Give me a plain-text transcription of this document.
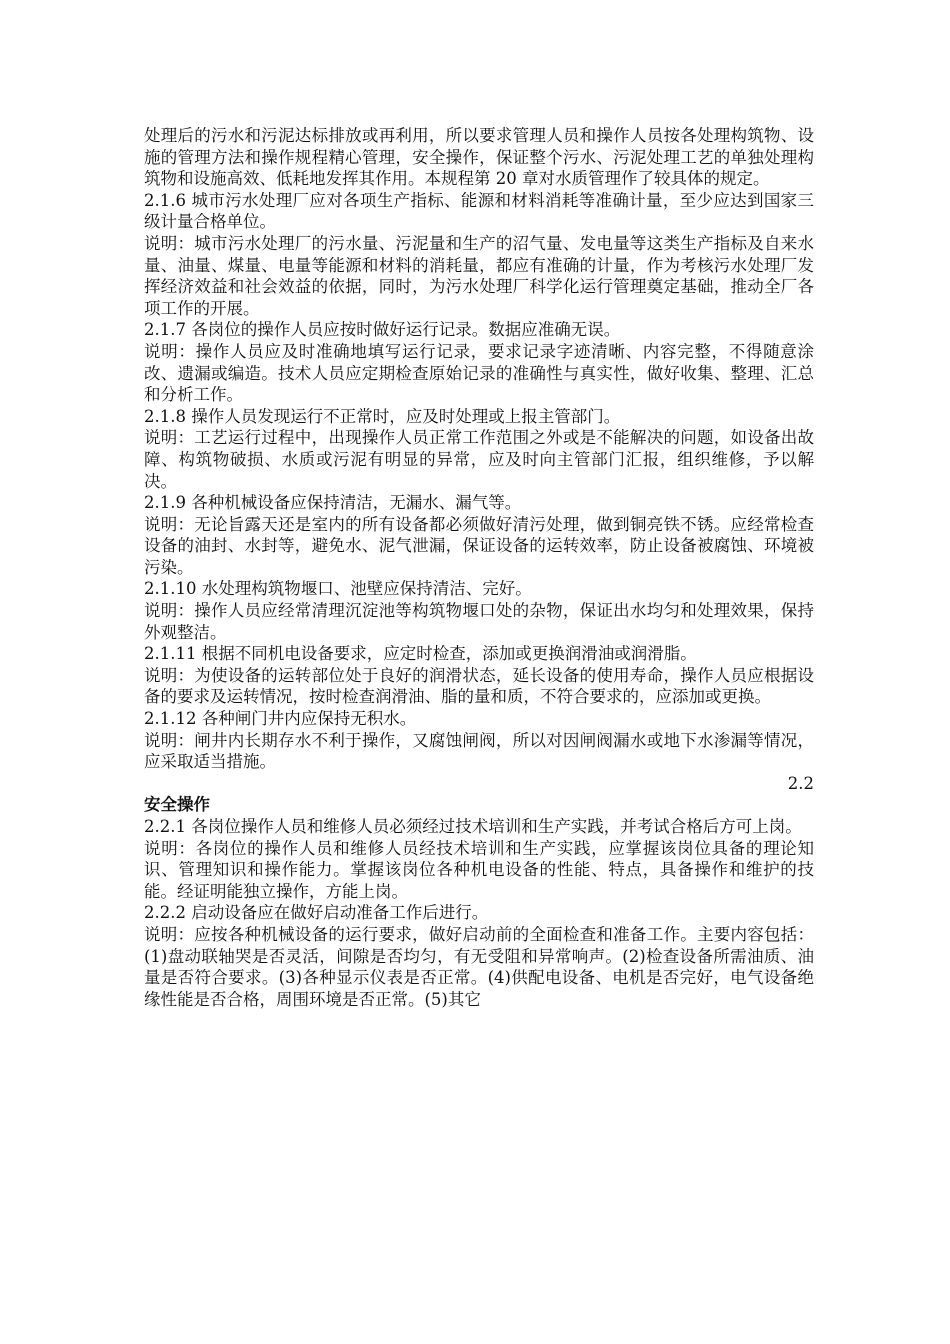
处理后的污水和污泥达标排放或再利用，所以要求管理人员和操作人员按各处理构筑物、设施的管理方法和操作规程精心管理，安全操作，保证整个污水、污泥处理工艺的单独处理构筑物和设施高效、低耗地发挥其作用。本规程第 20 章对水质管理作了较具体的规定。

2.1.6 城市污水处理厂应对各项生产指标、能源和材料消耗等准确计量，至少应达到国家三级计量合格单位。

说明：城市污水处理厂的污水量、污泥量和生产的沼气量、发电量等这类生产指标及自来水量、油量、煤量、电量等能源和材料的消耗量，都应有准确的计量，作为考核污水处理厂发挥经济效益和社会效益的依据，同时，为污水处理厂科学化运行管理奠定基础，推动全厂各项工作的开展。

2.1.7 各岗位的操作人员应按时做好运行记录。数据应准确无误。

说明：操作人员应及时准确地填写运行记录，要求记录字迹清晰、内容完整，不得随意涂改、遗漏或编造。技术人员应定期检查原始记录的准确性与真实性，做好收集、整理、汇总和分析工作。

2.1.8 操作人员发现运行不正常时，应及时处理或上报主管部门。

说明：工艺运行过程中，出现操作人员正常工作范围之外或是不能解决的问题，如设备出故障、构筑物破损、水质或污泥有明显的异常，应及时向主管部门汇报，组织维修，予以解决。

2.1.9 各种机械设备应保持清洁，无漏水、漏气等。

说明：无论旨露天还是室内的所有设备都必须做好清污处理，做到铜亮铁不锈。应经常检查设备的油封、水封等，避免水、泥气泄漏，保证设备的运转效率，防止设备被腐蚀、环境被污染。

2.1.10 水处理构筑物堰口、池壁应保持清洁、完好。

说明：操作人员应经常清理沉淀池等构筑物堰口处的杂物，保证出水均匀和处理效果，保持外观整洁。

2.1.11 根据不同机电设备要求，应定时检查，添加或更换润滑油或润滑脂。

说明：为使设备的运转部位处于良好的润滑状态，延长设备的使用寿命，操作人员应根据设备的要求及运转情况，按时检查润滑油、脂的量和质，不符合要求的，应添加或更换。

2.1.12 各种闸门井内应保持无积水。

说明：闸井内长期存水不利于操作，又腐蚀闸阀，所以对因闸阀漏水或地下水渗漏等情况，应采取适当措施。

2.2

安全操作

2.2.1 各岗位操作人员和维修人员必须经过技术培训和生产实践，并考试合格后方可上岗。

说明：各岗位的操作人员和维修人员经技术培训和生产实践，应掌握该岗位具备的理论知识、管理知识和操作能力。掌握该岗位各种机电设备的性能、特点，具备操作和维护的技能。经证明能独立操作，方能上岗。

2.2.2 启动设备应在做好启动准备工作后进行。

说明：应按各种机械设备的运行要求，做好启动前的全面检查和准备工作。主要内容包括：(1)盘动联轴哭是否灵活，间隙是否均匀，有无受阻和异常响声。(2)检查设备所需油质、油量是否符合要求。(3)各种显示仪表是否正常。(4)供配电设备、电机是否完好，电气设备绝缘性能是否合格，周围环境是否正常。(5)其它
